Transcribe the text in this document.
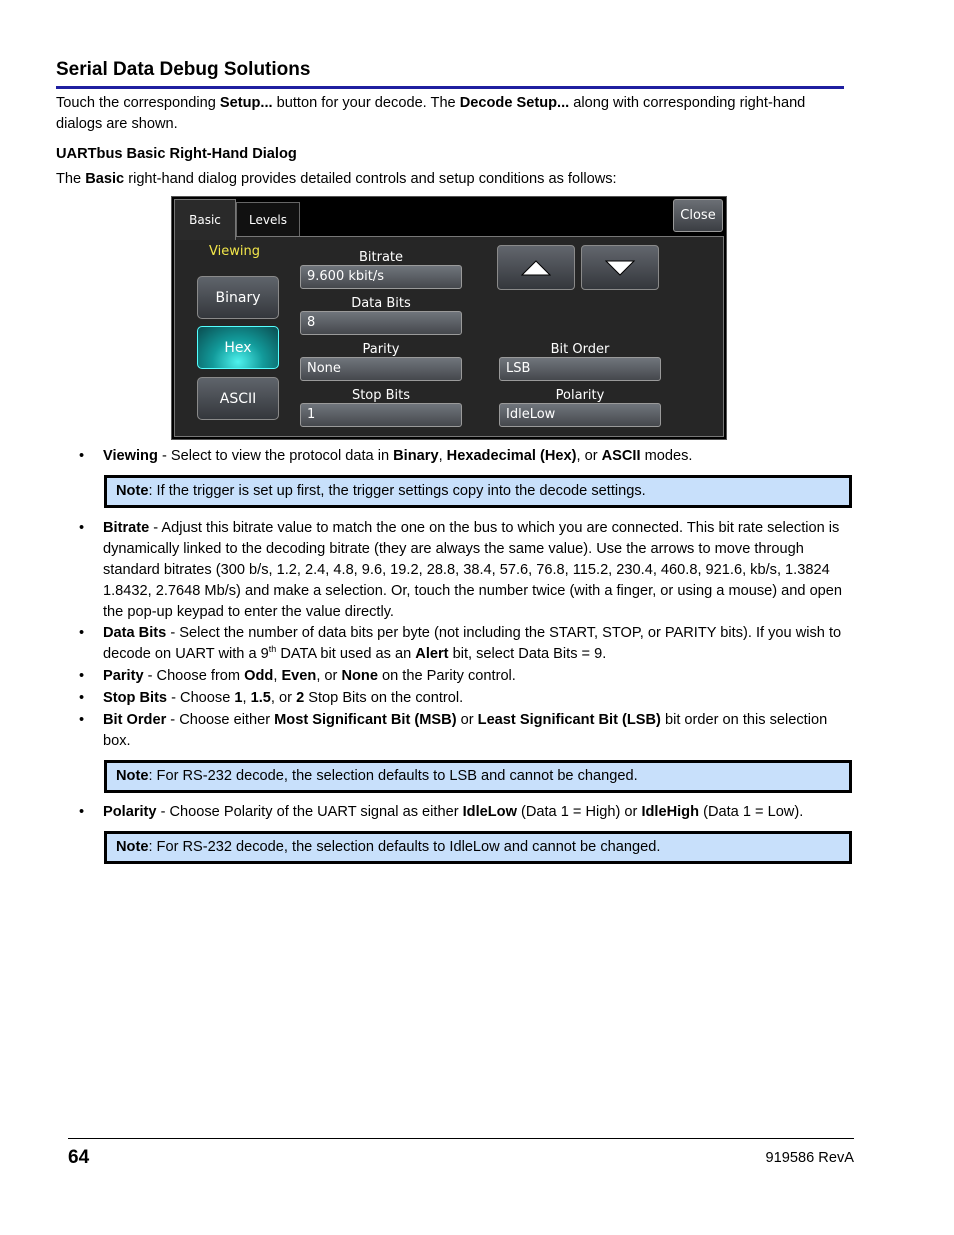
Serial Data Debug Solutions
Touch the corresponding Setup... button for your decode. The Decode Setup... along with corresponding right-hand dialogs are shown.
UARTbus Basic Right-Hand Dialog
The Basic right-hand dialog provides detailed controls and setup conditions as follows:
Basic	Levels	Close
Viewing
Binary
Hex
ASCII
Bitrate
9.600 kbit/s
Data Bits
8
Parity
None
Stop Bits
1
Bit Order
LSB
Polarity
IdleLow
• Viewing - Select to view the protocol data in Binary, Hexadecimal (Hex), or ASCII modes.
Note: If the trigger is set up first, the trigger settings copy into the decode settings.
• Bitrate - Adjust this bitrate value to match the one on the bus to which you are connected. This bit rate selection is dynamically linked to the decoding bitrate (they are always the same value). Use the arrows to move through standard bitrates (300 b/s, 1.2, 2.4, 4.8, 9.6, 19.2, 28.8, 38.4, 57.6, 76.8, 115.2, 230.4, 460.8, 921.6, kb/s, 1.3824 1.8432, 2.7648 Mb/s) and make a selection. Or, touch the number twice (with a finger, or using a mouse) and open the pop-up keypad to enter the value directly.
• Data Bits - Select the number of data bits per byte (not including the START, STOP, or PARITY bits). If you wish to decode on UART with a 9th DATA bit used as an Alert bit, select Data Bits = 9.
• Parity - Choose from Odd, Even, or None on the Parity control.
• Stop Bits - Choose 1, 1.5, or 2 Stop Bits on the control.
• Bit Order - Choose either Most Significant Bit (MSB) or Least Significant Bit (LSB) bit order on this selection box.
Note: For RS-232 decode, the selection defaults to LSB and cannot be changed.
• Polarity - Choose Polarity of the UART signal as either IdleLow (Data 1 = High) or IdleHigh (Data 1 = Low).
Note: For RS-232 decode, the selection defaults to IdleLow and cannot be changed.
64	919586 RevA
